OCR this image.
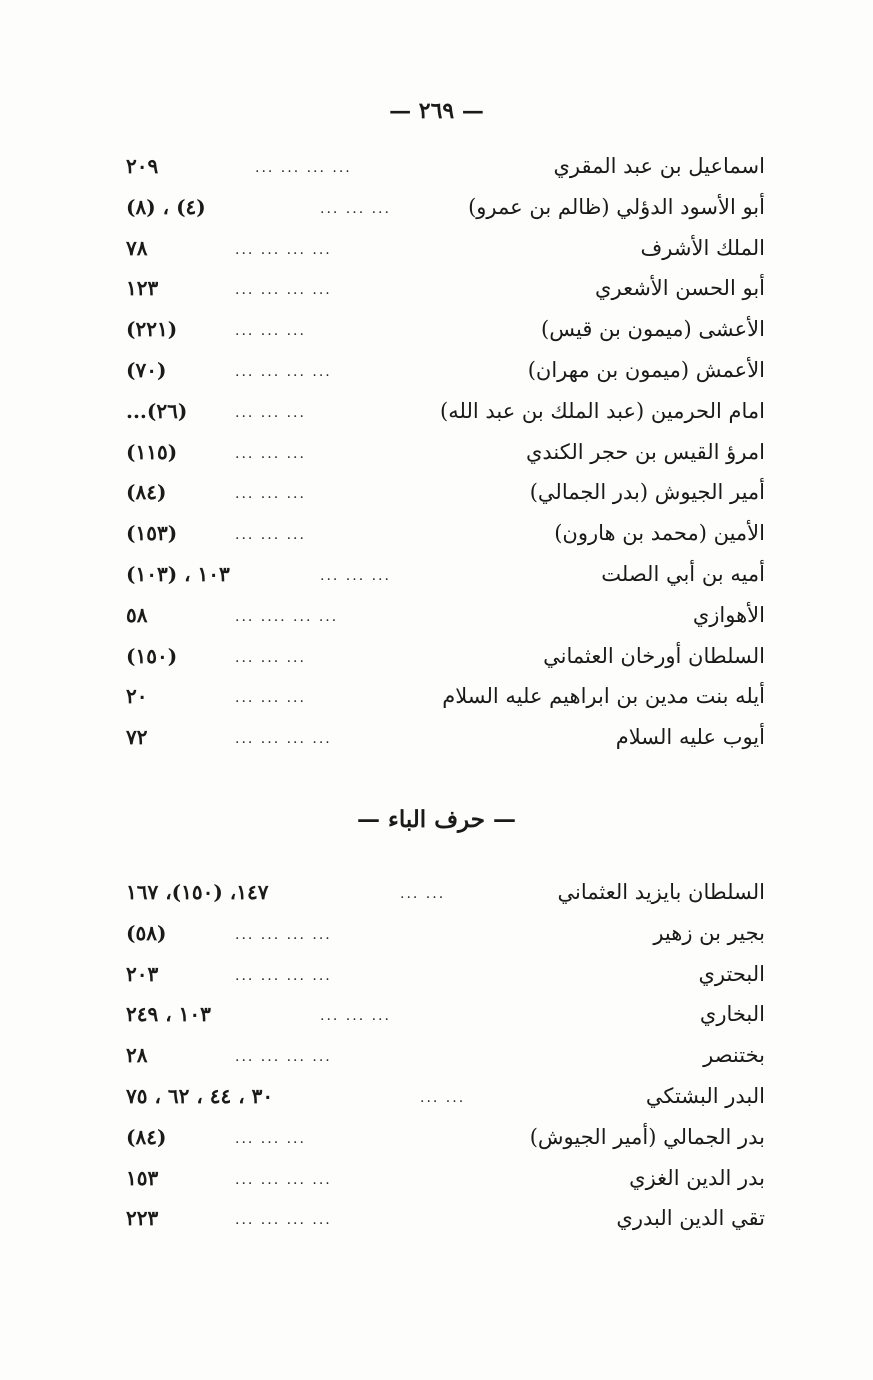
— ٢٦٩ —
اسماعيل بن عبد المقري
... ... ... ...
٢٠٩
أبو الأسود الدؤلي (ظالم بن عمرو)
... ... ...
(٤) ، (٨)
الملك الأشرف
... ... ... ...
٧٨
أبو الحسن الأشعري
... ... ... ...
١٢٣
الأعشى (ميمون بن قيس)
... ... ...
(٢٢١)
الأعمش (ميمون بن مهران)
... ... ... ...
(٧٠)
امام الحرمين (عبد الملك بن عبد الله)
... ... ...
(٢٦)...
امرؤ القيس بن حجر الكندي
... ... ...
(١١٥)
أمير الجيوش (بدر الجمالي)
... ... ...
(٨٤)
الأمين (محمد بن هارون)
... ... ...
(١٥٣)
أميه بن أبي الصلت
... ... ...
١٠٣ ، (١٠٣)
الأهوازي
... .... ... ...
٥٨
السلطان أورخان العثماني
... ... ...
(١٥٠)
أيله بنت مدين بن ابراهيم عليه السلام
... ... ...
٢٠
أيوب عليه السلام
... ... ... ...
٧٢
— حرف الباء —
السلطان بايزيد العثماني
... ...
١٤٧، (١٥٠)، ١٦٧
بجير بن زهير
... ... ... ...
(٥٨)
البحتري
... ... ... ...
٢٠٣
البخاري
... ... ...
١٠٣ ، ٢٤٩
بختنصر
... ... ... ...
٢٨
البدر البشتكي
... ...
٣٠ ، ٤٤ ، ٦٢ ، ٧٥
بدر الجمالي (أمير الجيوش)
... ... ...
(٨٤)
بدر الدين الغزي
... ... ... ...
١٥٣
تقي الدين البدري
... ... ... ...
٢٢٣
